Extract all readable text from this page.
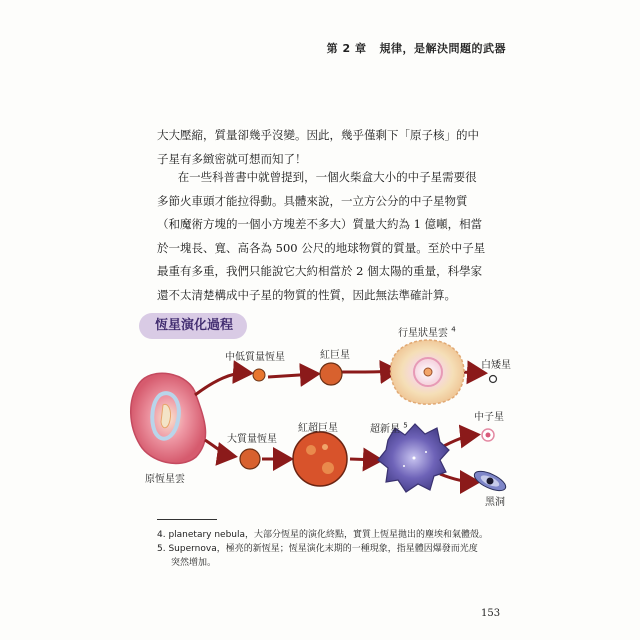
第 2 章 規律，是解決問題的武器

大大壓縮，質量卻幾乎沒變。因此，幾乎僅剩下「原子核」的中子星有多緻密就可想而知了！

在一些科普書中就曾提到，一個火柴盒大小的中子星需要很多節火車頭才能拉得動。具體來說，一立方公分的中子星物質（和魔術方塊的一個小方塊差不多大）質量大約為 1 億噸，相當於一塊長、寬、高各為 500 公尺的地球物質的質量。至於中子星最重有多重，我們只能說它大約相當於 2 個太陽的重量，科學家還不太清楚構成中子星的物質的性質，因此無法準確計算。

恆星演化過程
原恆星雲
中低質量恆星	紅巨星
行星狀星雲 $^4$
白矮星
大質量恆星
紅超巨星	超新星 $^5$
中子星
黑洞
4. planetary nebula，大部分恆星的演化終點，實質上恆星拋出的塵埃和氣體殼。
5. Supernova，極亮的新恆星；恆星演化末期的一種現象，指星體因爆發而光度
突然增加。
153
